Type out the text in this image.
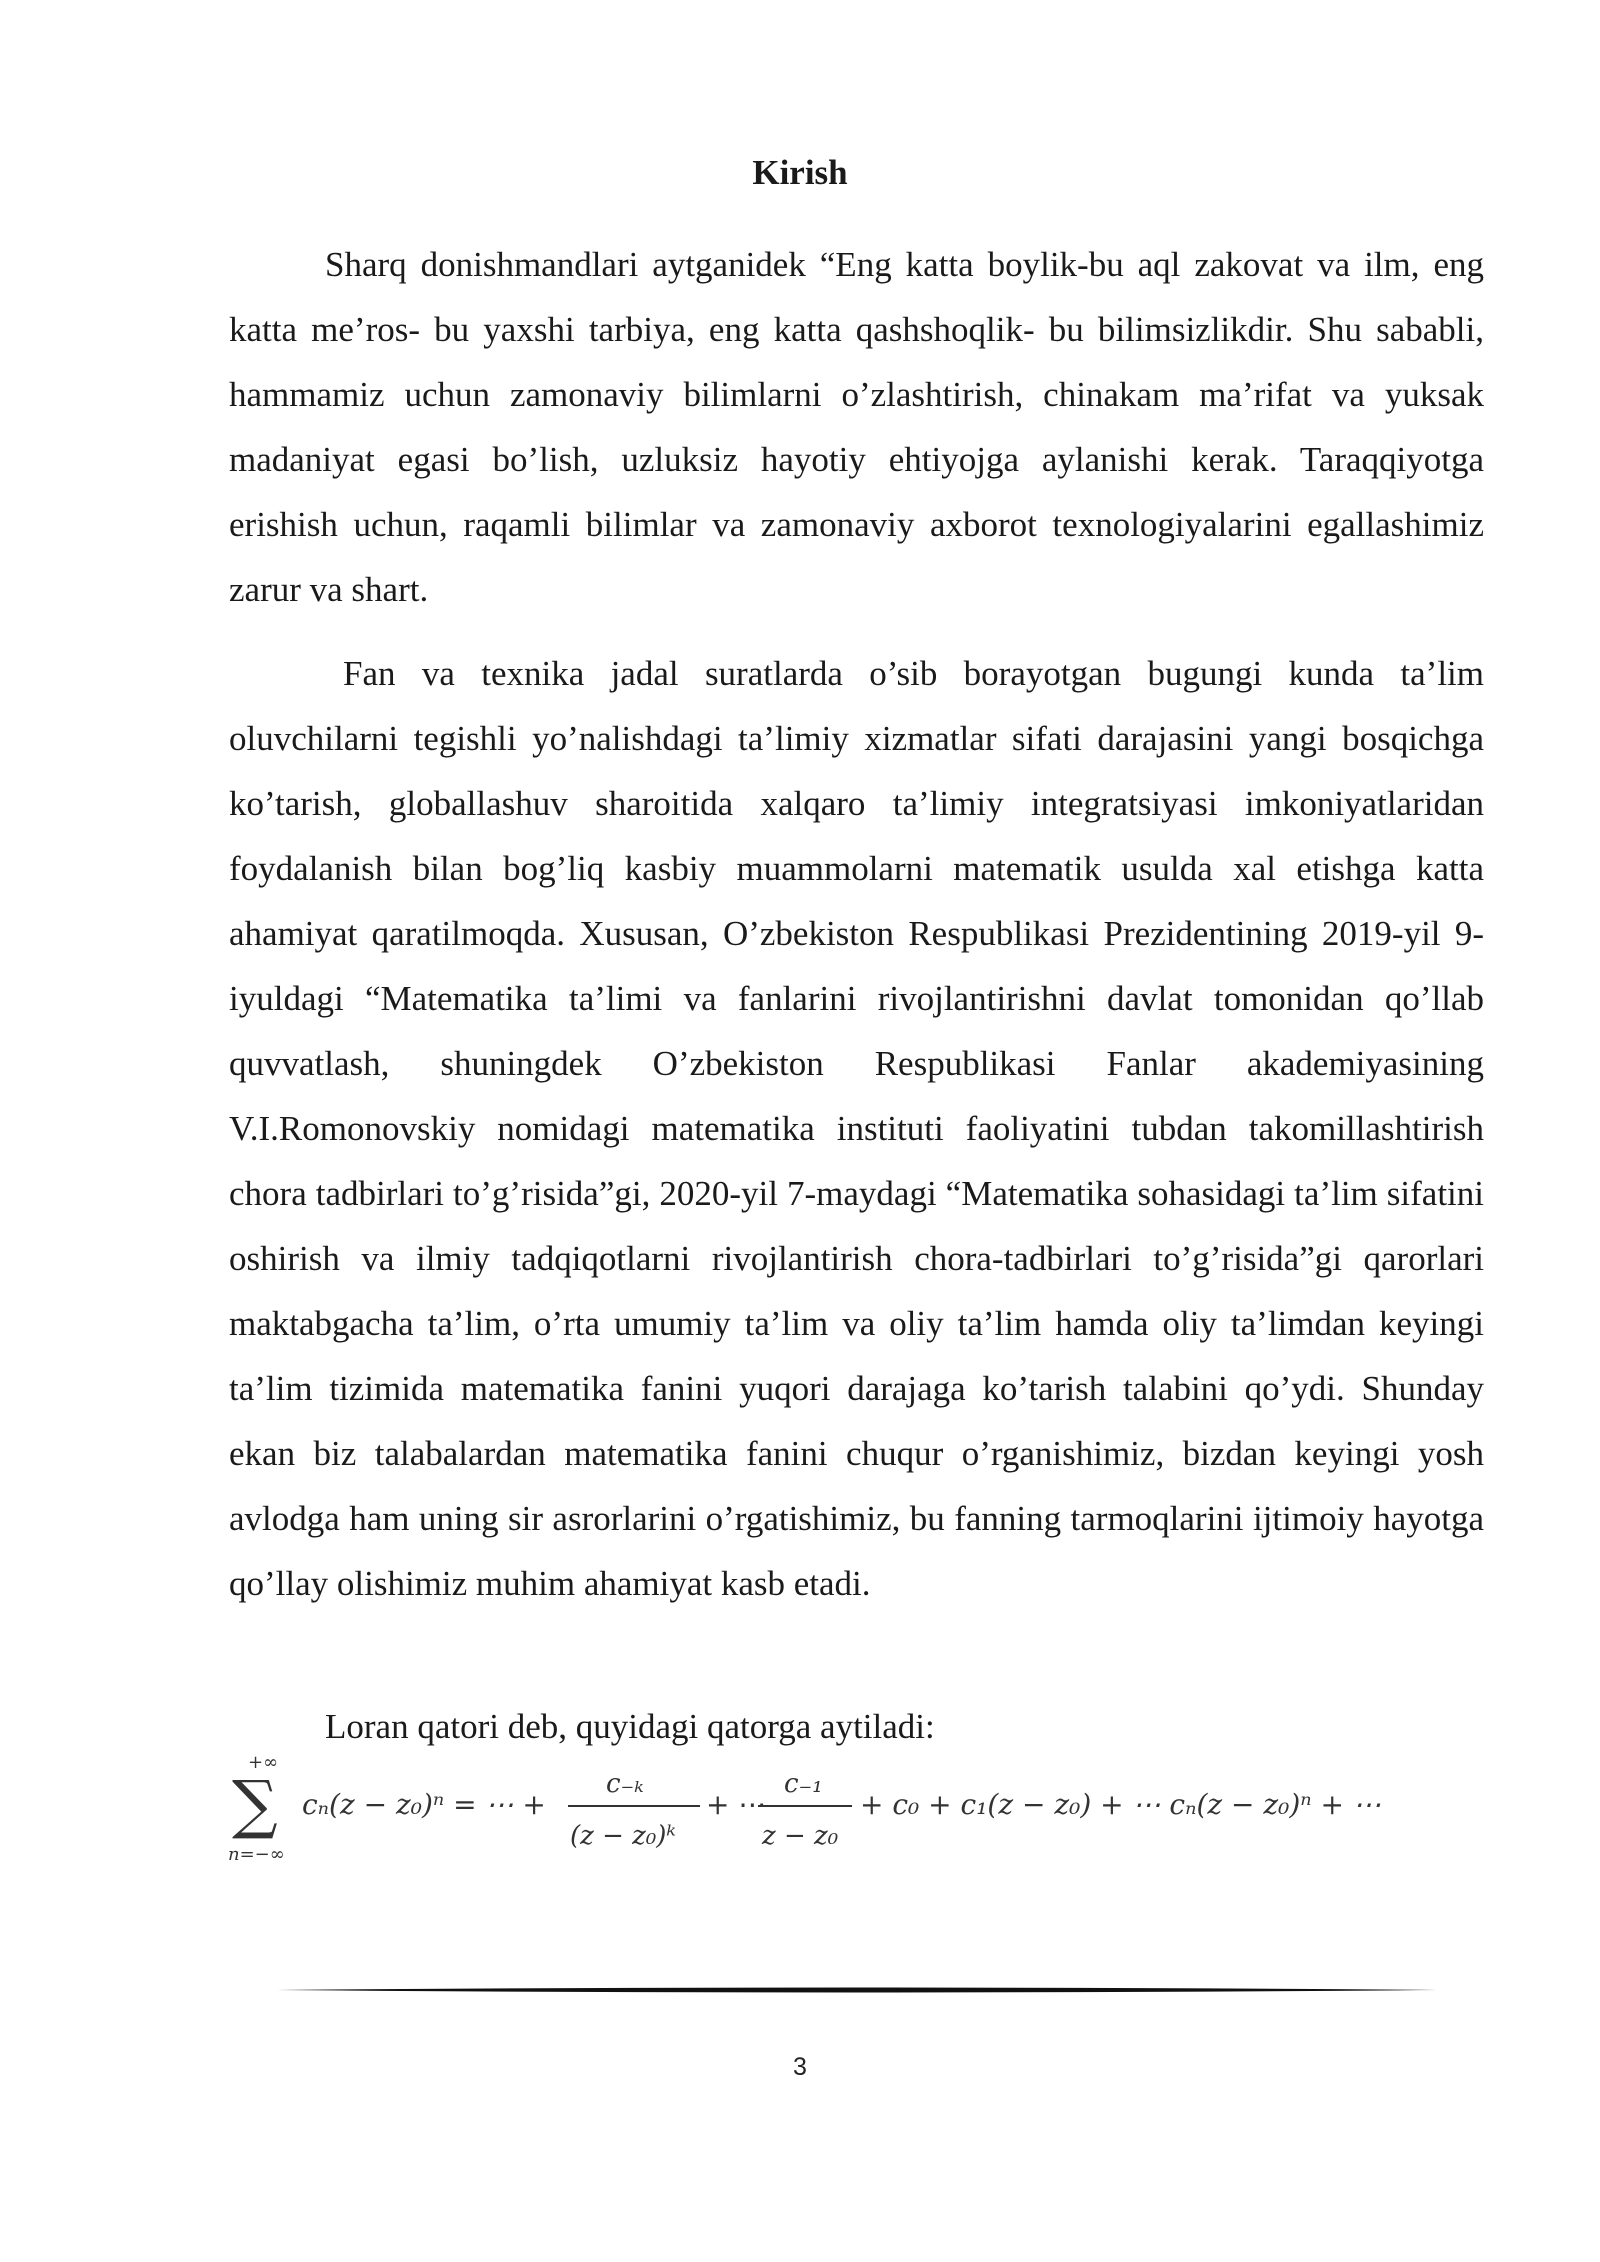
Kirish

Sharq donishmandlari aytganidek “Eng katta boylik-bu aql zakovat va ilm, eng katta me’ros- bu yaxshi tarbiya, eng katta qashshoqlik- bu bilimsizlikdir. Shu sababli, hammamiz uchun zamonaviy bilimlarni o’zlashtirish, chinakam ma’rifat va yuksak madaniyat egasi bo’lish, uzluksiz hayotiy ehtiyojga aylanishi kerak. Taraqqiyotga erishish uchun, raqamli bilimlar va zamonaviy axborot texnologiyalarini egallashimiz zarur va shart.

Fan va texnika jadal suratlarda o’sib borayotgan bugungi kunda ta’lim oluvchilarni tegishli yo’nalishdagi ta’limiy xizmatlar sifati darajasini yangi bosqichga ko’tarish, globallashuv sharoitida xalqaro ta’limiy integratsiyasi imkoniyatlaridan foydalanish bilan bog’liq kasbiy muammolarni matematik usulda xal etishga katta ahamiyat qaratilmoqda. Xususan, O’zbekiston Respublikasi Prezidentining 2019-yil 9-iyuldagi “Matematika ta’limi va fanlarini rivojlantirishni davlat tomonidan qo’llab quvvatlash, shuningdek O’zbekiston Respublikasi Fanlar akademiyasining V.I.Romonovskiy nomidagi matematika instituti faoliyatini tubdan takomillashtirish chora tadbirlari to’g’risida”gi, 2020-yil 7-maydagi “Matematika sohasidagi ta’lim sifatini oshirish va ilmiy tadqiqotlarni rivojlantirish chora-tadbirlari to’g’risida”gi qarorlari maktabgacha ta’lim, o’rta umumiy ta’lim va oliy ta’lim hamda oliy ta’limdan keyingi ta’lim tizimida matematika fanini yuqori darajaga ko’tarish talabini qo’ydi. Shunday ekan biz talabalardan matematika fanini chuqur o’rganishimiz, bizdan keyingi yosh avlodga ham uning sir asrorlarini o’rgatishimiz, bu fanning tarmoqlarini ijtimoiy hayotga qo’llay olishimiz muhim ahamiyat kasb etadi.

Loran qatori deb, quyidagi qatorga aytiladi:

+∞
∑
n=−∞
cₙ(z − z₀)ⁿ = ⋯ +
c₋ₖ
(z − z₀)ᵏ
+ ⋯
c₋₁
z − z₀
+ c₀ + c₁(z − z₀) + ⋯ cₙ(z − z₀)ⁿ + ⋯
3
